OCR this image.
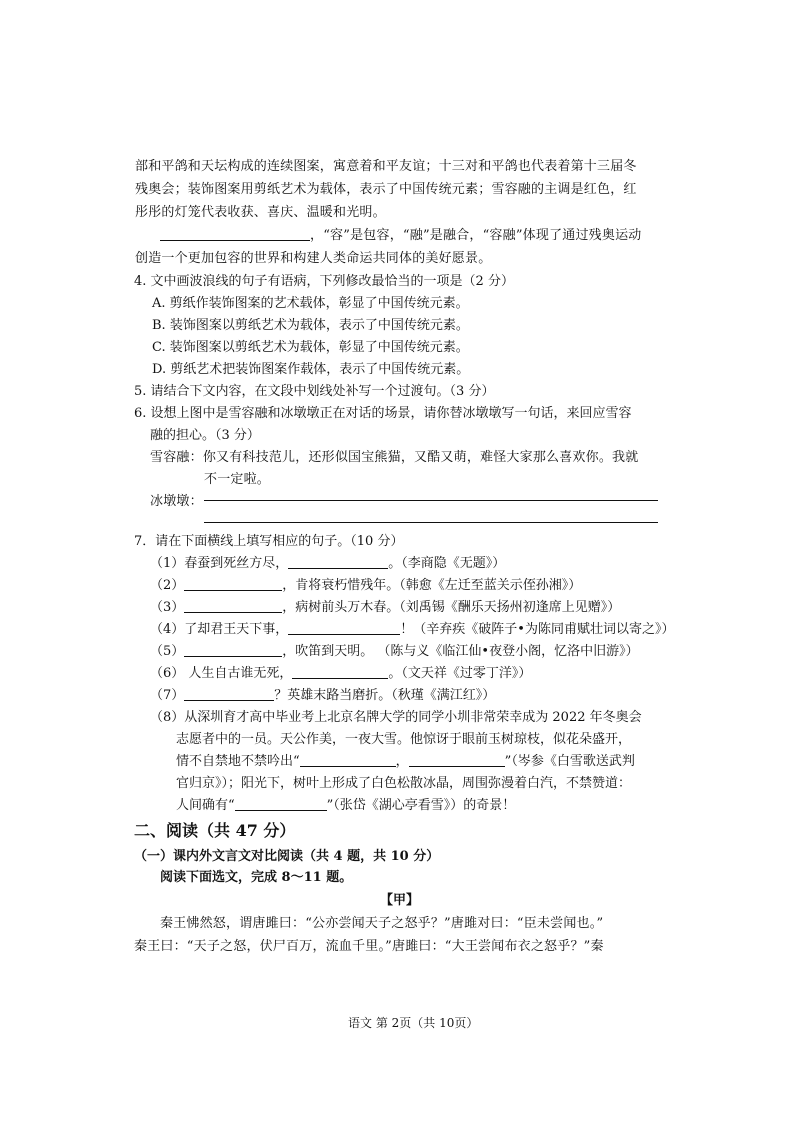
部和平鸽和天坛构成的连续图案，寓意着和平友谊；十三对和平鸽也代表着第十三届冬
残奥会；装饰图案用剪纸艺术为载体，表示了中国传统元素；雪容融的主调是红色，红
彤彤的灯笼代表收获、喜庆、温暖和光明。
，“容”是包容，“融”是融合，“容融”体现了通过残奥运动
创造一个更加包容的世界和构建人类命运共同体的美好愿景。
4. 文中画波浪线的句子有语病，下列修改最恰当的一项是（2 分）
A. 剪纸作装饰图案的艺术载体，彰显了中国传统元素。
B. 装饰图案以剪纸艺术为载体，表示了中国传统元素。
C. 装饰图案以剪纸艺术为载体，彰显了中国传统元素。
D. 剪纸艺术把装饰图案作载体，表示了中国传统元素。
5. 请结合下文内容，在文段中划线处补写一个过渡句。（3 分）
6. 设想上图中是雪容融和冰墩墩正在对话的场景，请你替冰墩墩写一句话，来回应雪容
融的担心。（3 分）
雪容融：你又有科技范儿，还形似国宝熊猫，又酷又萌，难怪大家那么喜欢你。我就
不一定啦。
冰墩墩：
7．请在下面横线上填写相应的句子。（10 分）
（1）春蚕到死丝方尽，	。（李商隐《无题》）
（2）	，肯将衰朽惜残年。（韩愈《左迁至蓝关示侄孙湘》）
（3）	，病树前头万木春。（刘禹锡《酬乐天扬州初逢席上见赠》）
（4）了却君王天下事，	！（辛弃疾《破阵子•为陈同甫赋壮词以寄之》）
（5）	，吹笛到天明。 （陈与义《临江仙•夜登小阁，忆洛中旧游》）
（6） 人生自古谁无死，	。（文天祥《过零丁洋》）
（7）	？英雄末路当磨折。（秋瑾《满江红》）
（8）从深圳育才高中毕业考上北京名牌大学的同学小圳非常荣幸成为 2022 年冬奥会
志愿者中的一员。天公作美，一夜大雪。他惊讶于眼前玉树琼枝，似花朵盛开，
情不自禁地不禁吟出“	，	”（岑参《白雪歌送武判
官归京》）；阳光下，树叶上形成了白色松散冰晶，周围弥漫着白汽，不禁赞道：
人间确有“	”（张岱《湖心亭看雪》）的奇景！
二、阅读（共 47 分）
（一）课内外文言文对比阅读（共 4 题，共 10 分）
阅读下面选文，完成 8～11 题。
【甲】
秦王怫然怒，谓唐雎曰：“公亦尝闻天子之怒乎？”唐雎对曰：“臣未尝闻也。”
秦王曰：“天子之怒，伏尸百万，流血千里。”唐雎曰：“大王尝闻布衣之怒乎？”秦
语文 第 2页（共 10页）
